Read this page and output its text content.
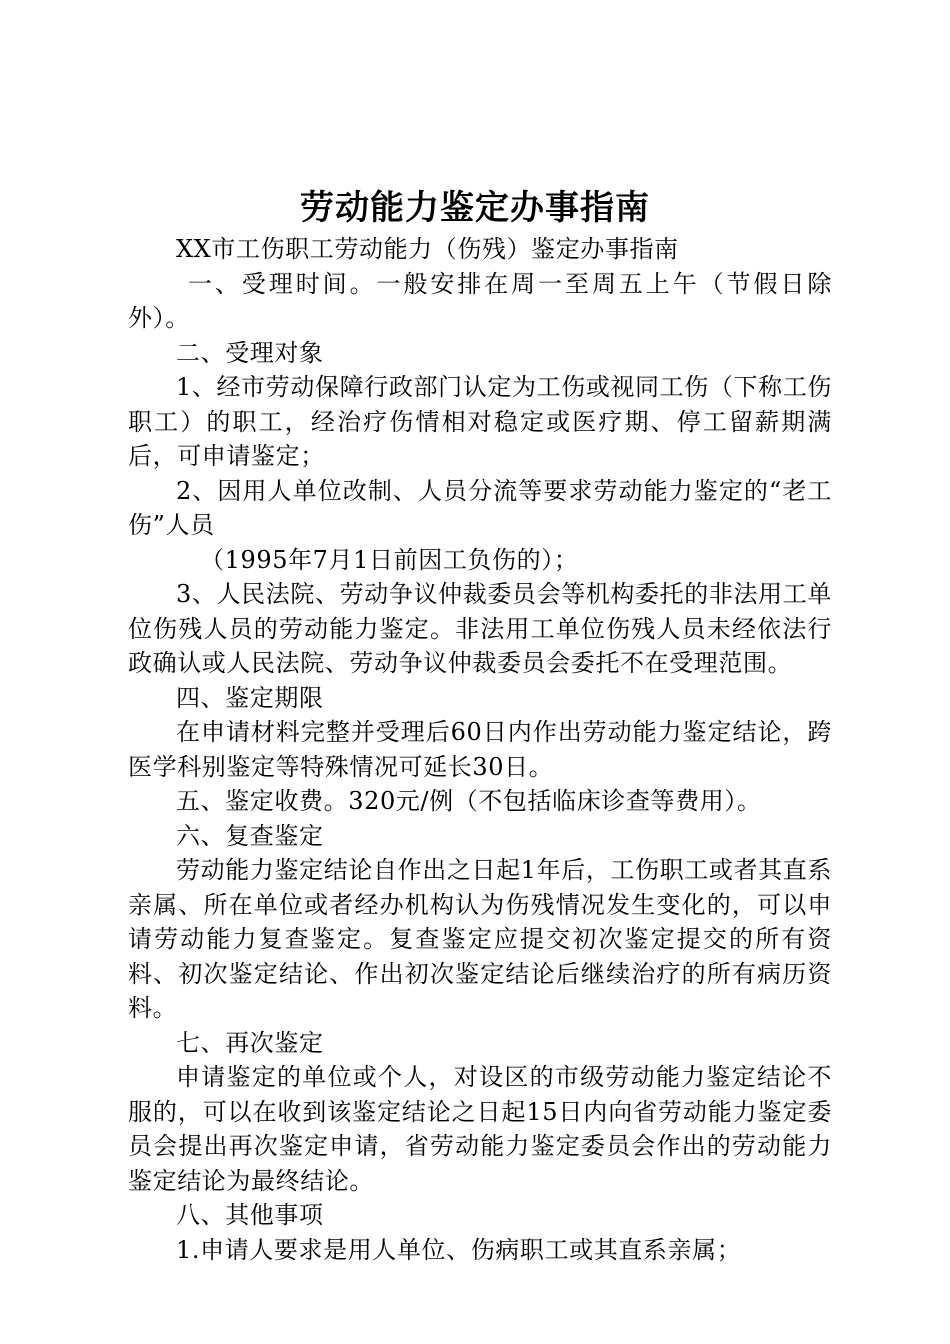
劳动能力鉴定办事指南

XX市工伤职工劳动能力（伤残）鉴定办事指南

一、受理时间。一般安排在周一至周五上午（节假日除外）。

二、受理对象

1、经市劳动保障行政部门认定为工伤或视同工伤（下称工伤职工）的职工，经治疗伤情相对稳定或医疗期、停工留薪期满后，可申请鉴定；

2、因用人单位改制、人员分流等要求劳动能力鉴定的“老工伤”人员

（1995年7月1日前因工负伤的）；

3、人民法院、劳动争议仲裁委员会等机构委托的非法用工单位伤残人员的劳动能力鉴定。非法用工单位伤残人员未经依法行政确认或人民法院、劳动争议仲裁委员会委托不在受理范围。

四、鉴定期限

在申请材料完整并受理后60日内作出劳动能力鉴定结论，跨医学科别鉴定等特殊情况可延长30日。

五、鉴定收费。320元/例（不包括临床诊查等费用）。

六、复查鉴定

劳动能力鉴定结论自作出之日起1年后，工伤职工或者其直系亲属、所在单位或者经办机构认为伤残情况发生变化的，可以申请劳动能力复查鉴定。复查鉴定应提交初次鉴定提交的所有资料、初次鉴定结论、作出初次鉴定结论后继续治疗的所有病历资料。

七、再次鉴定

申请鉴定的单位或个人，对设区的市级劳动能力鉴定结论不服的，可以在收到该鉴定结论之日起15日内向省劳动能力鉴定委员会提出再次鉴定申请，省劳动能力鉴定委员会作出的劳动能力鉴定结论为最终结论。

八、其他事项

1.申请人要求是用人单位、伤病职工或其直系亲属；
